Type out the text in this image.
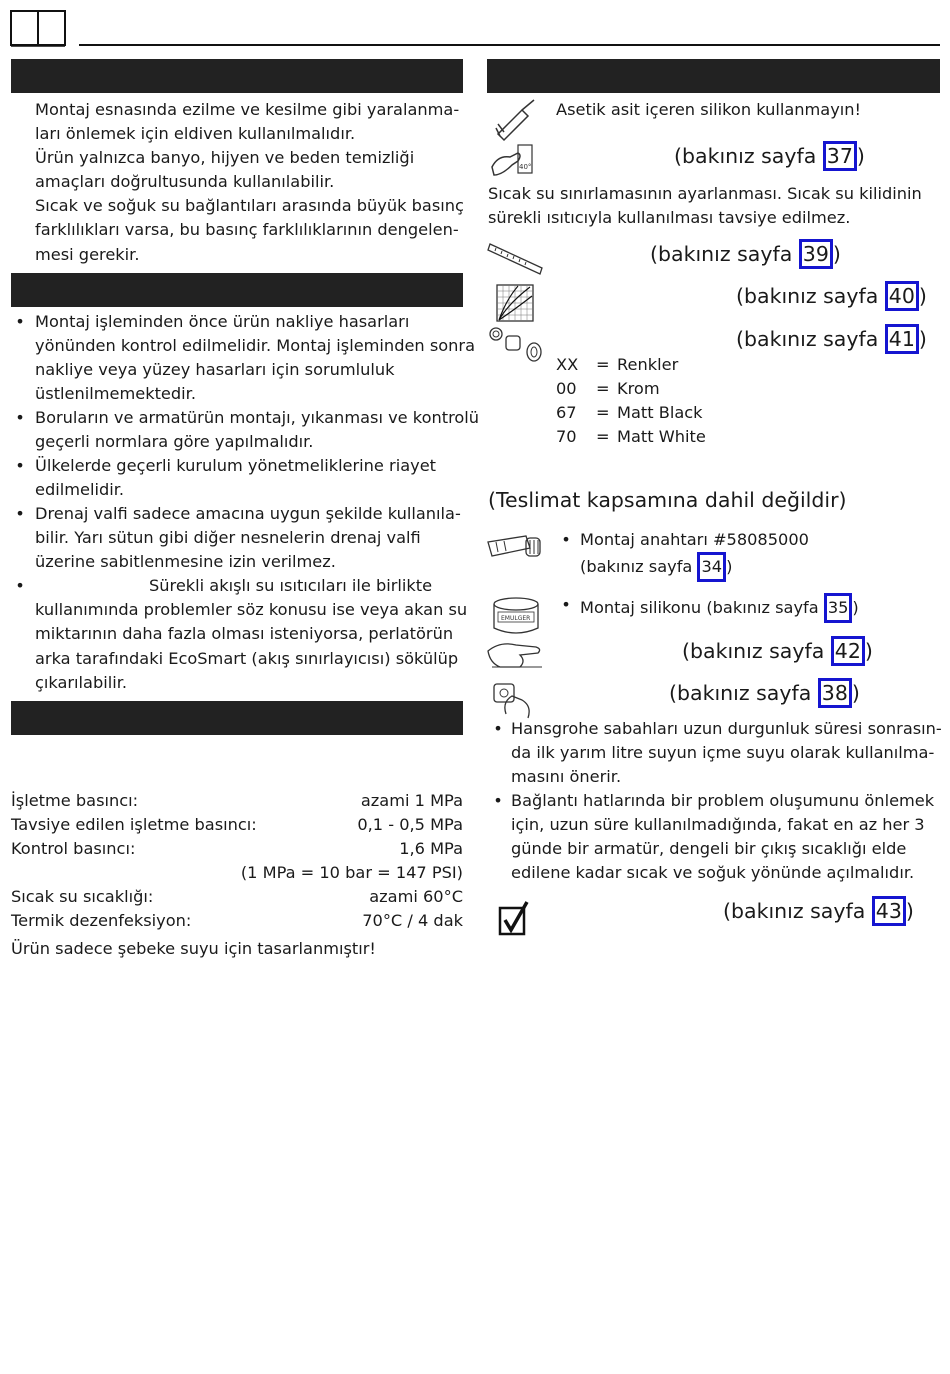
Montaj esnasında ezilme ve kesilme gibi yaralanma-
ları önlemek için eldiven kullanılmalıdır.
Ürün yalnızca banyo, hijyen ve beden temizliği
amaçları doğrultusunda kullanılabilir.
Sıcak ve soğuk su bağlantıları arasında büyük basınç
farklılıkları varsa, bu basınç farklılıklarının dengelen-
mesi gerekir.
• Montaj işleminden önce ürün nakliye hasarları
yönünden kontrol edilmelidir. Montaj işleminden sonra
nakliye veya yüzey hasarları için sorumluluk
üstlenilmemektedir.
• Boruların ve armatürün montajı, yıkanması ve kontrolü
geçerli normlara göre yapılmalıdır.
• Ülkelerde geçerli kurulum yönetmeliklerine riayet
edilmelidir.
• Drenaj valfi sadece amacına uygun şekilde kullanıla-
bilir. Yarı sütun gibi diğer nesnelerin drenaj valfi
üzerine sabitlenmesine izin verilmez.
•	Sürekli akışlı su ısıtıcıları ile birlikte
kullanımında problemler söz konusu ise veya akan su
miktarının daha fazla olması isteniyorsa, perlatörün
arka tarafındaki EcoSmart (akış sınırlayıcısı) sökülüp
çıkarılabilir.
İşletme basıncı:	azami 1 MPa
Tavsiye edilen işletme basıncı:	0,1 - 0,5 MPa
Kontrol basıncı:	1,6 MPa
(1 MPa = 10 bar = 147 PSI)
Sıcak su sıcaklığı:	azami 60°C
Termik dezenfeksiyon:	70°C / 4 dak
Ürün sadece şebeke suyu için tasarlanmıştır!
Asetik asit içeren silikon kullanmayın!
40°	(bakınız sayfa 37 )
Sıcak su sınırlamasının ayarlanması. Sıcak su kilidinin
sürekli ısıtıcıyla kullanılması tavsiye edilmez.
(bakınız sayfa 39 )
(bakınız sayfa 40 )
(bakınız sayfa 41 )
XX = Renkler
00 = Krom
67 = Matt Black
70 = Matt White
(Teslimat kapsamına dahil değildir)
• Montaj anahtarı #58085000
(bakınız sayfa 34 )
EMULGER
• Montaj silikonu (bakınız sayfa 35 )
(bakınız sayfa 42 )
(bakınız sayfa 38 )
• Hansgrohe sabahları uzun durgunluk süresi sonrasın-
da ilk yarım litre suyun içme suyu olarak kullanılma-
masını önerir.
• Bağlantı hatlarında bir problem oluşumunu önlemek
için, uzun süre kullanılmadığında, fakat en az her 3
günde bir armatür, dengeli bir çıkış sıcaklığı elde
edilene kadar sıcak ve soğuk yönünde açılmalıdır.
(bakınız sayfa 43 )
